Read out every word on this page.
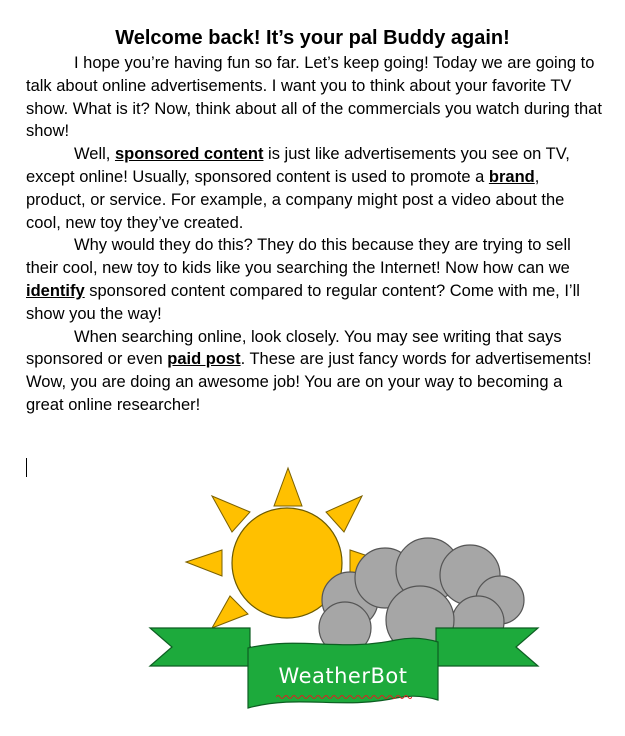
Welcome back! It’s your pal Buddy again!

I hope you’re having fun so far. Let’s keep going! Today we are going to talk about online advertisements. I want you to think about your favorite TV show. What is it? Now, think about all of the commercials you watch during that show!

Well, sponsored content is just like advertisements you see on TV, except online! Usually, sponsored content is used to promote a brand, product, or service. For example, a company might post a video about the cool, new toy they’ve created.

Why would they do this? They do this because they are trying to sell their cool, new toy to kids like you searching the Internet! Now how can we identify sponsored content compared to regular content? Come with me, I’ll show you the way!

When searching online, look closely. You may see writing that says sponsored or even paid post. These are just fancy words for advertisements! Wow, you are doing an awesome job! You are on your way to becoming a great online researcher!

WeatherBot
